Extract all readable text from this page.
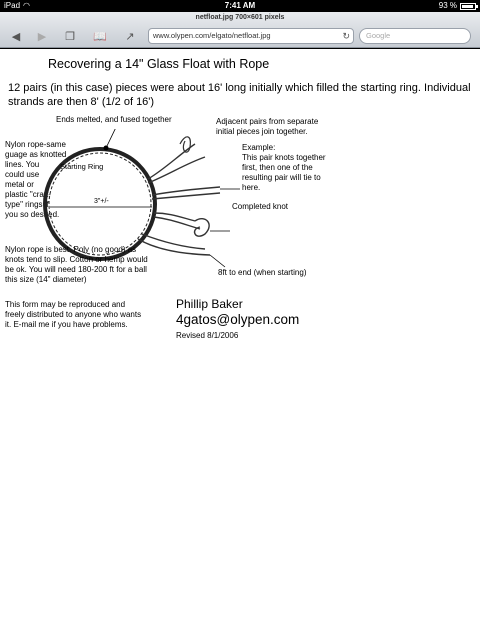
iPad ◠	7:41 AM	93 %
netfloat.jpg 700×601 pixels
◀ ▶ ❐ 📖 ↗	www.olypen.com/elgato/netfloat.jpg	↻	Google
Recovering a 14" Glass Float with Rope
12 pairs (in this case) pieces were about 16' long initially which filled the starting ring. Individual strands are then 8' (1/2 of 16')
Ends melted, and fused together	Adjacent pairs from separate
initial pieces join together.
Nylon rope-same
guage as knotted
lines. You
could use
metal or
plastic "craft-
type" rings if
you so desired.
Starting Ring
3"+/-
Example:
This pair knots together
first, then one of the
resulting pair will tie to
here.
Completed knot
Nylon rope is best. Poly (no good) as
knots tend to slip. Cotton or hemp would
be ok. You will need 180-200 ft for a ball
this size (14" diameter)
8ft to end (when starting)
This form may be reproduced and
freely distributed to anyone who wants
it. E-mail me if you have problems.
Phillip Baker
4gatos@olypen.com
Revised 8/1/2006
